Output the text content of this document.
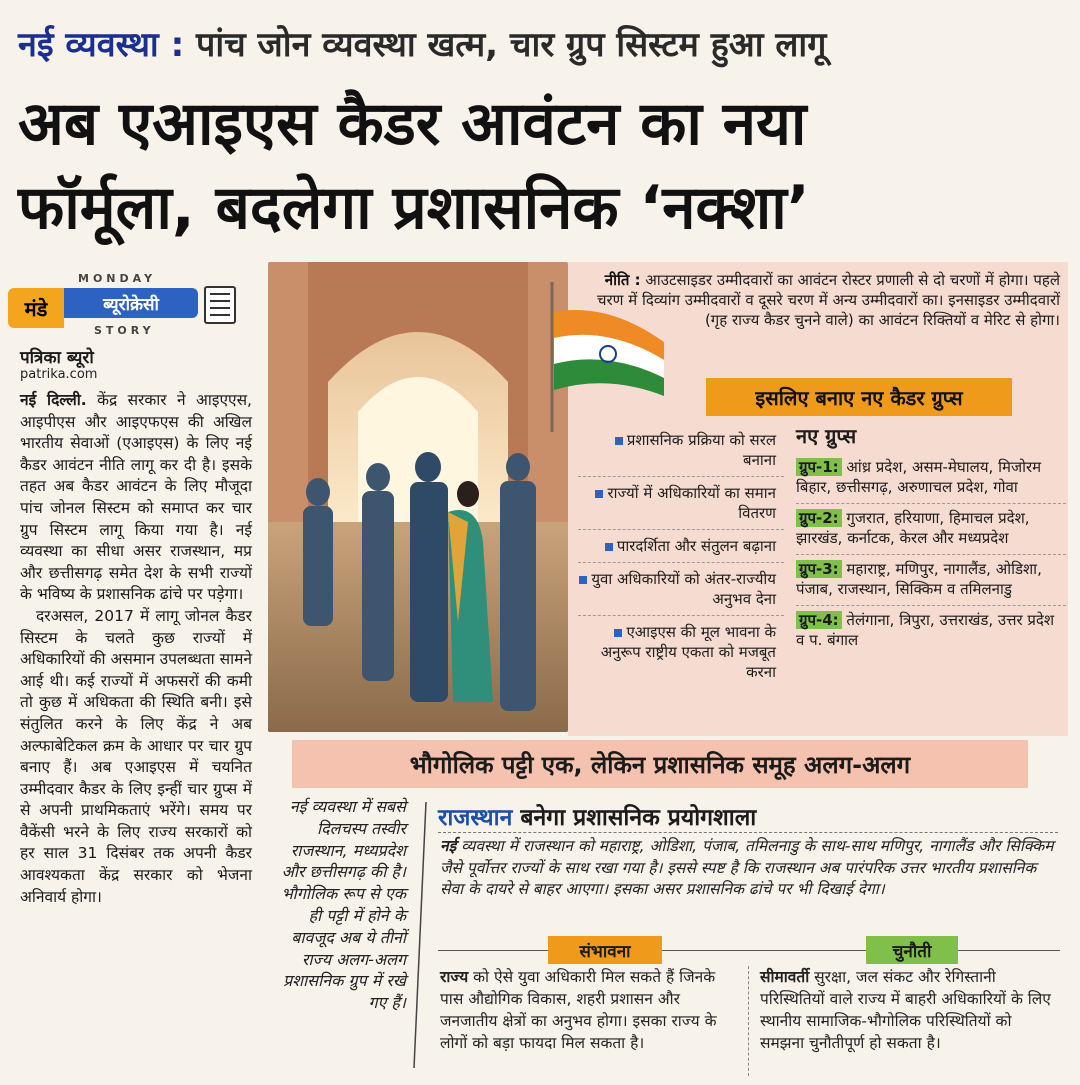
नई व्यवस्था : पांच जोन व्यवस्था खत्म, चार ग्रुप सिस्टम हुआ लागू
अब एआइएस कैडर आवंटन का नया
फॉर्मूला, बदलेगा प्रशासनिक ‘नक्शा’
MONDAY
मंडे	ब्यूरोक्रेसी
STORY
पत्रिका ब्यूरो
patrika.com

नई दिल्ली. केंद्र सरकार ने आइएएस, आइपीएस और आइएफएस की अखिल भारतीय सेवाओं (एआइएस) के लिए नई कैडर आवंटन नीति लागू कर दी है। इसके तहत अब कैडर आवंटन के लिए मौजूदा पांच जोनल सिस्टम को समाप्त कर चार ग्रुप सिस्टम लागू किया गया है। नई व्यवस्था का सीधा असर राजस्थान, मप्र और छत्तीसगढ़ समेत देश के सभी राज्यों के भविष्य के प्रशासनिक ढांचे पर पड़ेगा।

दरअसल, 2017 में लागू जोनल कैडर सिस्टम के चलते कुछ राज्यों में अधिकारियों की असमान उपलब्धता सामने आई थी। कई राज्यों में अफसरों की कमी तो कुछ में अधिकता की स्थिति बनी। इसे संतुलित करने के लिए केंद्र ने अब अल्फाबेटिकल क्रम के आधार पर चार ग्रुप बनाए हैं। अब एआइएस में चयनित उम्मीदवार कैडर के लिए इन्हीं चार ग्रुप्स में से अपनी प्राथमिकताएं भरेंगे। समय पर वैकेंसी भरने के लिए राज्य सरकारों को हर साल 31 दिसंबर तक अपनी कैडर आवश्यकता केंद्र सरकार को भेजना अनिवार्य होगा।

नीति : आउटसाइडर उम्मीदवारों का आवंटन रोस्टर प्रणाली से दो चरणों में होगा। पहले चरण में दिव्यांग उम्मीदवारों व दूसरे चरण में अन्य उम्मीदवारों का। इनसाइडर उम्मीदवारों (गृह राज्य कैडर चुनने वाले) का आवंटन रिक्तियों व मेरिट से होगा।
इसलिए बनाए नए कैडर ग्रुप्स
प्रशासनिक प्रक्रिया को सरल बनाना
राज्यों में अधिकारियों का समान वितरण
पारदर्शिता और संतुलन बढ़ाना
युवा अधिकारियों को अंतर-राज्यीय अनुभव देना
एआइएस की मूल भावना के अनुरूप राष्ट्रीय एकता को मजबूत करना
नए ग्रुप्स
ग्रुप-1: आंध्र प्रदेश, असम-मेघालय, मिजोरम बिहार, छत्तीसगढ़, अरुणाचल प्रदेश, गोवा
ग्रुप-2: गुजरात, हरियाणा, हिमाचल प्रदेश, झारखंड, कर्नाटक, केरल और मध्यप्रदेश
ग्रुप-3: महाराष्ट्र, मणिपुर, नागालैंड, ओडिशा, पंजाब, राजस्थान, सिक्किम व तमिलनाडु
ग्रुप-4: तेलंगाना, त्रिपुरा, उत्तराखंड, उत्तर प्रदेश व प. बंगाल
भौगोलिक पट्टी एक, लेकिन प्रशासनिक समूह अलग-अलग
नई व्यवस्था में सबसे दिलचस्प तस्वीर राजस्थान, मध्यप्रदेश और छत्तीसगढ़ की है। भौगोलिक रूप से एक ही पट्टी में होने के बावजूद अब ये तीनों राज्य अलग-अलग प्रशासनिक ग्रुप में रखे गए हैं।
राजस्थान बनेगा प्रशासनिक प्रयोगशाला
नई व्यवस्था में राजस्थान को महाराष्ट्र, ओडिशा, पंजाब, तमिलनाडु के साथ-साथ मणिपुर, नागालैंड और सिक्किम जैसे पूर्वोत्तर राज्यों के साथ रखा गया है। इससे स्पष्ट है कि राजस्थान अब पारंपरिक उत्तर भारतीय प्रशासनिक सेवा के दायरे से बाहर आएगा। इसका असर प्रशासनिक ढांचे पर भी दिखाई देगा।
संभावना	चुनौती
राज्य को ऐसे युवा अधिकारी मिल सकते हैं जिनके पास औद्योगिक विकास, शहरी प्रशासन और जनजातीय क्षेत्रों का अनुभव होगा। इसका राज्य के लोगों को बड़ा फायदा मिल सकता है।
सीमावर्ती सुरक्षा, जल संकट और रेगिस्तानी परिस्थितियों वाले राज्य में बाहरी अधिकारियों के लिए स्थानीय सामाजिक-भौगोलिक परिस्थितियों को समझना चुनौतीपूर्ण हो सकता है।
